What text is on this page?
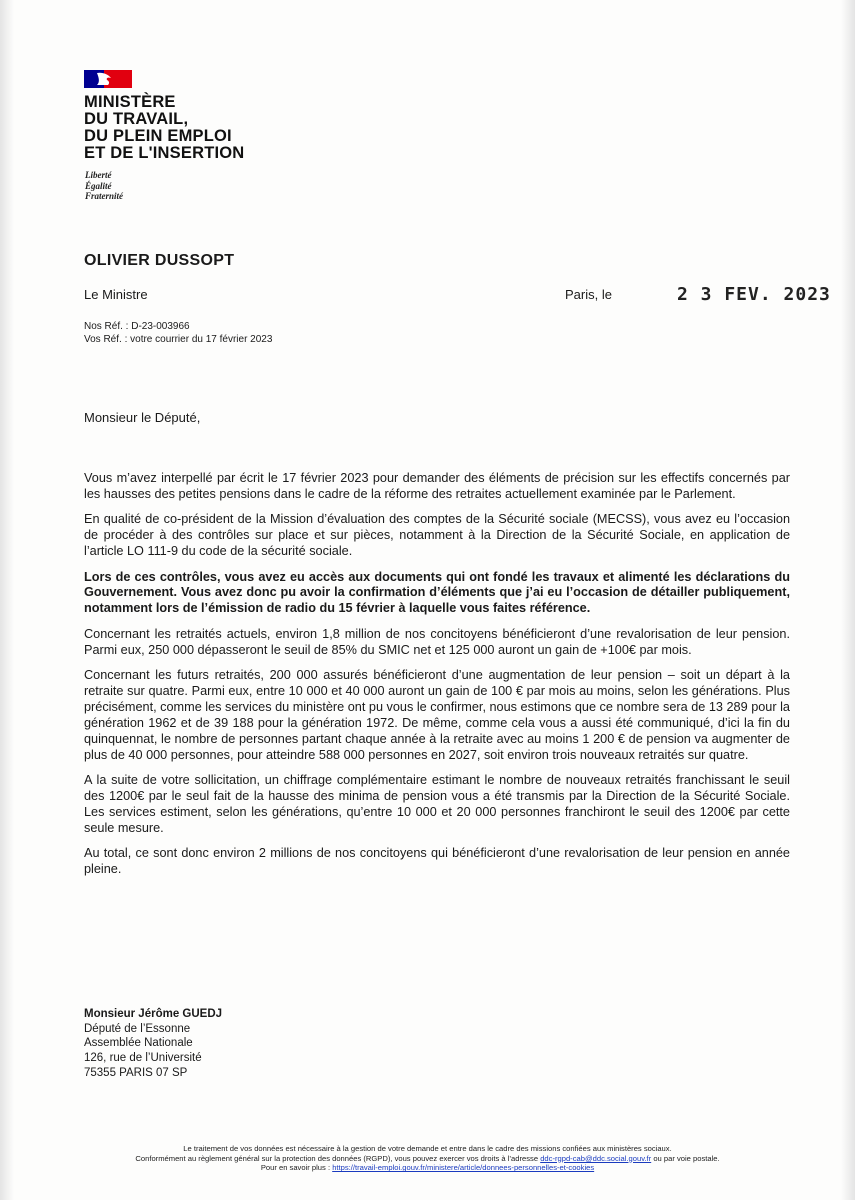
MINISTÈRE
DU TRAVAIL,
DU PLEIN EMPLOI
ET DE L'INSERTION
Liberté
Égalité
Fraternité
OLIVIER DUSSOPT
Le Ministre	Paris, le	2 3 FEV. 2023
Nos Réf. : D-23-003966
Vos Réf. : votre courrier du 17 février 2023
Monsieur le Député,

Vous m’avez interpellé par écrit le 17 février 2023 pour demander des éléments de précision sur les effectifs concernés par les hausses des petites pensions dans le cadre de la réforme des retraites actuellement examinée par le Parlement.

En qualité de co-président de la Mission d’évaluation des comptes de la Sécurité sociale (MECSS), vous avez eu l’occasion de procéder à des contrôles sur place et sur pièces, notamment à la Direction de la Sécurité Sociale, en application de l’article LO 111-9 du code de la sécurité sociale.

Lors de ces contrôles, vous avez eu accès aux documents qui ont fondé les travaux et alimenté les déclarations du Gouvernement. Vous avez donc pu avoir la confirmation d’éléments que j’ai eu l’occasion de détailler publiquement, notamment lors de l’émission de radio du 15 février à laquelle vous faites référence.

Concernant les retraités actuels, environ 1,8 million de nos concitoyens bénéficieront d’une revalorisation de leur pension. Parmi eux, 250 000 dépasseront le seuil de 85% du SMIC net et 125 000 auront un gain de +100€ par mois.

Concernant les futurs retraités, 200 000 assurés bénéficieront d’une augmentation de leur pension – soit un départ à la retraite sur quatre. Parmi eux, entre 10 000 et 40 000 auront un gain de 100 € par mois au moins, selon les générations. Plus précisément, comme les services du ministère ont pu vous le confirmer, nous estimons que ce nombre sera de 13 289 pour la génération 1962 et de 39 188 pour la génération 1972. De même, comme cela vous a aussi été communiqué, d’ici la fin du quinquennat, le nombre de personnes partant chaque année à la retraite avec au moins 1 200 € de pension va augmenter de plus de 40 000 personnes, pour atteindre 588 000 personnes en 2027, soit environ trois nouveaux retraités sur quatre.

A la suite de votre sollicitation, un chiffrage complémentaire estimant le nombre de nouveaux retraités franchissant le seuil des 1200€ par le seul fait de la hausse des minima de pension vous a été transmis par la Direction de la Sécurité Sociale. Les services estiment, selon les générations, qu’entre 10 000 et 20 000 personnes franchiront le seuil des 1200€ par cette seule mesure.

Au total, ce sont donc environ 2 millions de nos concitoyens qui bénéficieront d’une revalorisation de leur pension en année pleine.

Monsieur Jérôme GUEDJ
Député de l’Essonne
Assemblée Nationale
126, rue de l’Université
75355 PARIS 07 SP
Le traitement de vos données est nécessaire à la gestion de votre demande et entre dans le cadre des missions confiées aux ministères sociaux.
Conformément au règlement général sur la protection des données (RGPD), vous pouvez exercer vos droits à l’adresse ddc-rgpd-cab@ddc.social.gouv.fr ou par voie postale.
Pour en savoir plus : https://travail-emploi.gouv.fr/ministere/article/donnees-personnelles-et-cookies
